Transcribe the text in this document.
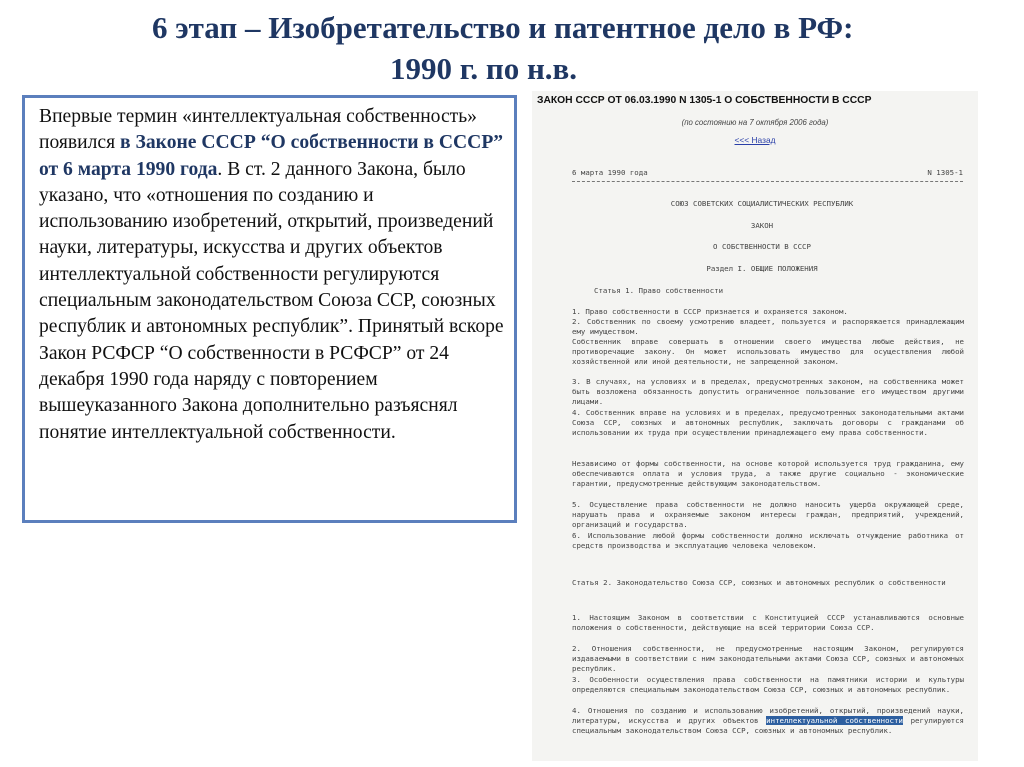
6 этап – Изобретательство и патентное дело в РФ:
1990 г. по н.в.
Впервые термин «интеллектуальная собственность» появился в Законе СССР “О собственности в СССР” от 6 марта 1990 года. В ст. 2 данного Закона, было указано, что «отношения по созданию и использованию изобретений, открытий, произведений науки, литературы, искусства и других объектов интеллектуальной собственности регулируются специальным законодательством Союза ССР, союзных республик и автономных республик”. Принятый вскоре Закон РСФСР “О собственности в РСФСР” от 24 декабря 1990 года наряду с повторением вышеуказанного Закона дополнительно разъяснял понятие интеллектуальной собственности.
ЗАКОН СССР ОТ 06.03.1990 N 1305-1 О СОБСТВЕННОСТИ В СССР
(по состоянию на 7 октября 2006 года)
<<< Назад
6 марта 1990 года	N 1305-1
СОЮЗ СОВЕТСКИХ СОЦИАЛИСТИЧЕСКИХ РЕСПУБЛИК
ЗАКОН
О СОБСТВЕННОСТИ В СССР
Раздел I. ОБЩИЕ ПОЛОЖЕНИЯ
Статья 1. Право собственности
1. Право собственности в СССР признается и охраняется законом.
2. Собственник по своему усмотрению владеет, пользуется и распоряжается принадлежащим ему имуществом.
Собственник вправе совершать в отношении своего имущества любые действия, не противоречащие закону. Он может использовать имущество для осуществления любой хозяйственной или иной деятельности, не запрещенной законом.
3. В случаях, на условиях и в пределах, предусмотренных законом, на собственника может быть возложена обязанность допустить ограниченное пользование его имуществом другими лицами.
4. Собственник вправе на условиях и в пределах, предусмотренных законодательными актами Союза ССР, союзных и автономных республик, заключать договоры с гражданами об использовании их труда при осуществлении принадлежащего ему права собственности.
Независимо от формы собственности, на основе которой используется труд гражданина, ему обеспечиваются оплата и условия труда, а также другие социально - экономические гарантии, предусмотренные действующим законодательством.
5. Осуществление права собственности не должно наносить ущерба окружающей среде, нарушать права и охраняемые законом интересы граждан, предприятий, учреждений, организаций и государства.
6. Использование любой формы собственности должно исключать отчуждение работника от средств производства и эксплуатацию человека человеком.
Статья 2. Законодательство Союза ССР, союзных и автономных республик о собственности
1. Настоящим Законом в соответствии с Конституцией СССР устанавливаются основные положения о собственности, действующие на всей территории Союза ССР.
2. Отношения собственности, не предусмотренные настоящим Законом, регулируются издаваемыми в соответствии с ним законодательными актами Союза ССР, союзных и автономных республик.
3. Особенности осуществления права собственности на памятники истории и культуры определяются специальным законодательством Союза ССР, союзных и автономных республик.
4. Отношения по созданию и использованию изобретений, открытий, произведений науки, литературы, искусства и других объектов интеллектуальной собственности регулируются специальным законодательством Союза ССР, союзных и автономных республик.
